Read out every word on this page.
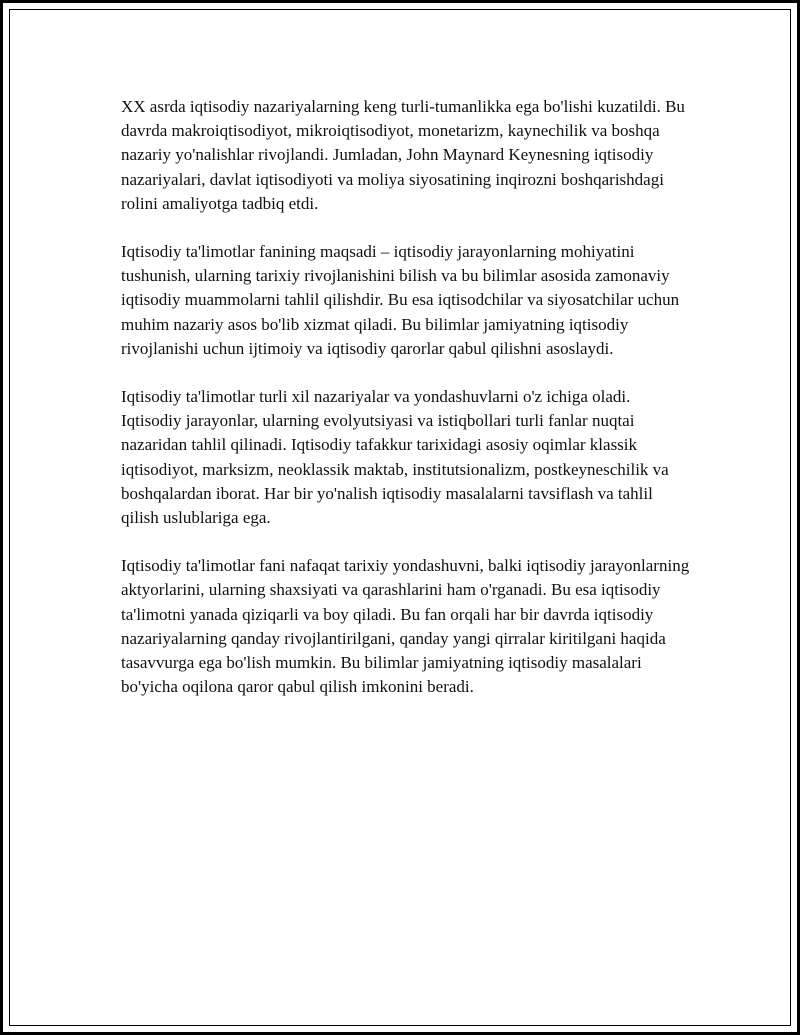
XX asrda iqtisodiy nazariyalarning keng turli-tumanlikka ega bo'lishi kuzatildi. Bu davrda makroiqtisodiyot, mikroiqtisodiyot, monetarizm, kaynechilik va boshqa nazariy yo'nalishlar rivojlandi. Jumladan, John Maynard Keynesning iqtisodiy nazariyalari, davlat iqtisodiyoti va moliya siyosatining inqirozni boshqarishdagi rolini amaliyotga tadbiq etdi.

Iqtisodiy ta'limotlar fanining maqsadi – iqtisodiy jarayonlarning mohiyatini tushunish, ularning tarixiy rivojlanishini bilish va bu bilimlar asosida zamonaviy iqtisodiy muammolarni tahlil qilishdir. Bu esa iqtisodchilar va siyosatchilar uchun muhim nazariy asos bo'lib xizmat qiladi. Bu bilimlar jamiyatning iqtisodiy rivojlanishi uchun ijtimoiy va iqtisodiy qarorlar qabul qilishni asoslaydi.

Iqtisodiy ta'limotlar turli xil nazariyalar va yondashuvlarni o'z ichiga oladi. Iqtisodiy jarayonlar, ularning evolyutsiyasi va istiqbollari turli fanlar nuqtai nazaridan tahlil qilinadi. Iqtisodiy tafakkur tarixidagi asosiy oqimlar klassik iqtisodiyot, marksizm, neoklassik maktab, institutsionalizm, postkeyneschilik va boshqalardan iborat. Har bir yo'nalish iqtisodiy masalalarni tavsiflash va tahlil qilish uslublariga ega.

Iqtisodiy ta'limotlar fani nafaqat tarixiy yondashuvni, balki iqtisodiy jarayonlarning aktyorlarini, ularning shaxsiyati va qarashlarini ham o'rganadi. Bu esa iqtisodiy ta'limotni yanada qiziqarli va boy qiladi. Bu fan orqali har bir davrda iqtisodiy nazariyalarning qanday rivojlantirilgani, qanday yangi qirralar kiritilgani haqida tasavvurga ega bo'lish mumkin. Bu bilimlar jamiyatning iqtisodiy masalalari bo'yicha oqilona qaror qabul qilish imkonini beradi.
